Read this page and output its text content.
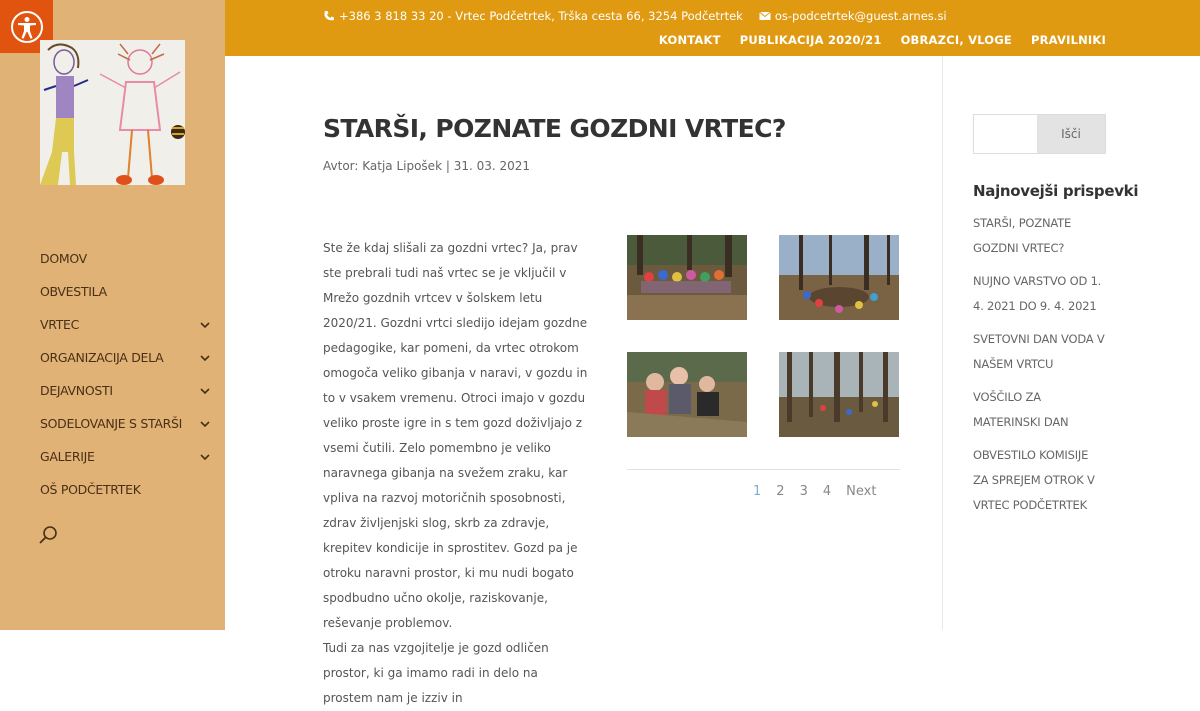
DOMOV
OBVESTILA
VRTEC
ORGANIZACIJA DELA
DEJAVNOSTI
SODELOVANJE S STARŠI
GALERIJE
OŠ PODČETRTEK
+386 3 818 33 20 - Vrtec Podčetrtek, Trška cesta 66, 3254 Podčetrtek	os-podcetrtek@guest.arnes.si
KONTAKT PUBLIKACIJA 2020/21 OBRAZCI, VLOGE PRAVILNIKI
STARŠI, POZNATE GOZDNI VRTEC?
Avtor: Katja Lipošek | 31. 03. 2021

Ste že kdaj slišali za gozdni vrtec? Ja, prav ste prebrali tudi naš vrtec se je vključil v Mrežo gozdnih vrtcev v šolskem letu 2020/21. Gozdni vrtci sledijo idejam gozdne pedagogike, kar pomeni, da vrtec otrokom omogoča veliko gibanja v naravi, v gozdu in to v vsakem vremenu. Otroci imajo v gozdu veliko proste igre in s tem gozd doživljajo z vsemi čutili. Zelo pomembno je veliko naravnega gibanja na svežem zraku, kar vpliva na razvoj motoričnih sposobnosti, zdrav življenjski slog, skrb za zdravje, krepitev kondicije in sprostitev. Gozd pa je otroku naravni prostor, ki mu nudi bogato spodbudno učno okolje, raziskovanje, reševanje problemov.

Tudi za nas vzgojitelje je gozd odličen prostor, ki ga imamo radi in delo na prostem nam je izziv in

1 2 3 4 Next
Išči
Najnovejši prispevki
STARŠI, POZNATE GOZDNI VRTEC?
NUJNO VARSTVO OD 1. 4. 2021 DO 9. 4. 2021
SVETOVNI DAN VODA V NAŠEM VRTCU
VOŠČILO ZA MATERINSKI DAN
OBVESTILO KOMISIJE ZA SPREJEM OTROK V VRTEC PODČETRTEK
